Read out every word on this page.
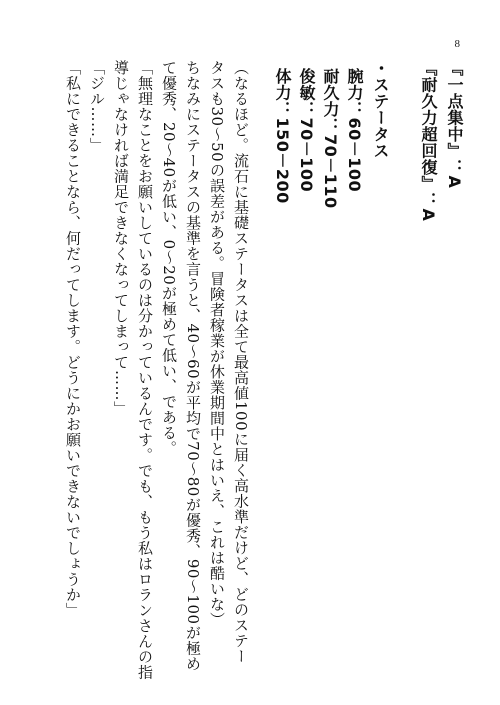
8
『一点集中』：A
『耐久力超回復』：A
・ステータス
腕力：60－100
耐久力：70－110
俊敏：70－100
体力：150－200
（なるほど。流石に基礎ステータスは全て最高値100に届く高水準だけど、どのステー
タスも30～50の誤差がある。冒険者稼業が休業期間中とはいえ、これは酷いな）
ちなみにステータスの基準を言うと、40～60が平均で70～80が優秀、90～100が極め
て優秀、20～40が低い、0～20が極めて低い、である。
「無理なことをお願いしているのは分かっているんです。でも、もう私はロランさんの指
導じゃなければ満足できなくなってしまって……」
「ジル……」
「私にできることなら、何だってします。どうにかお願いできないでしょうか」
